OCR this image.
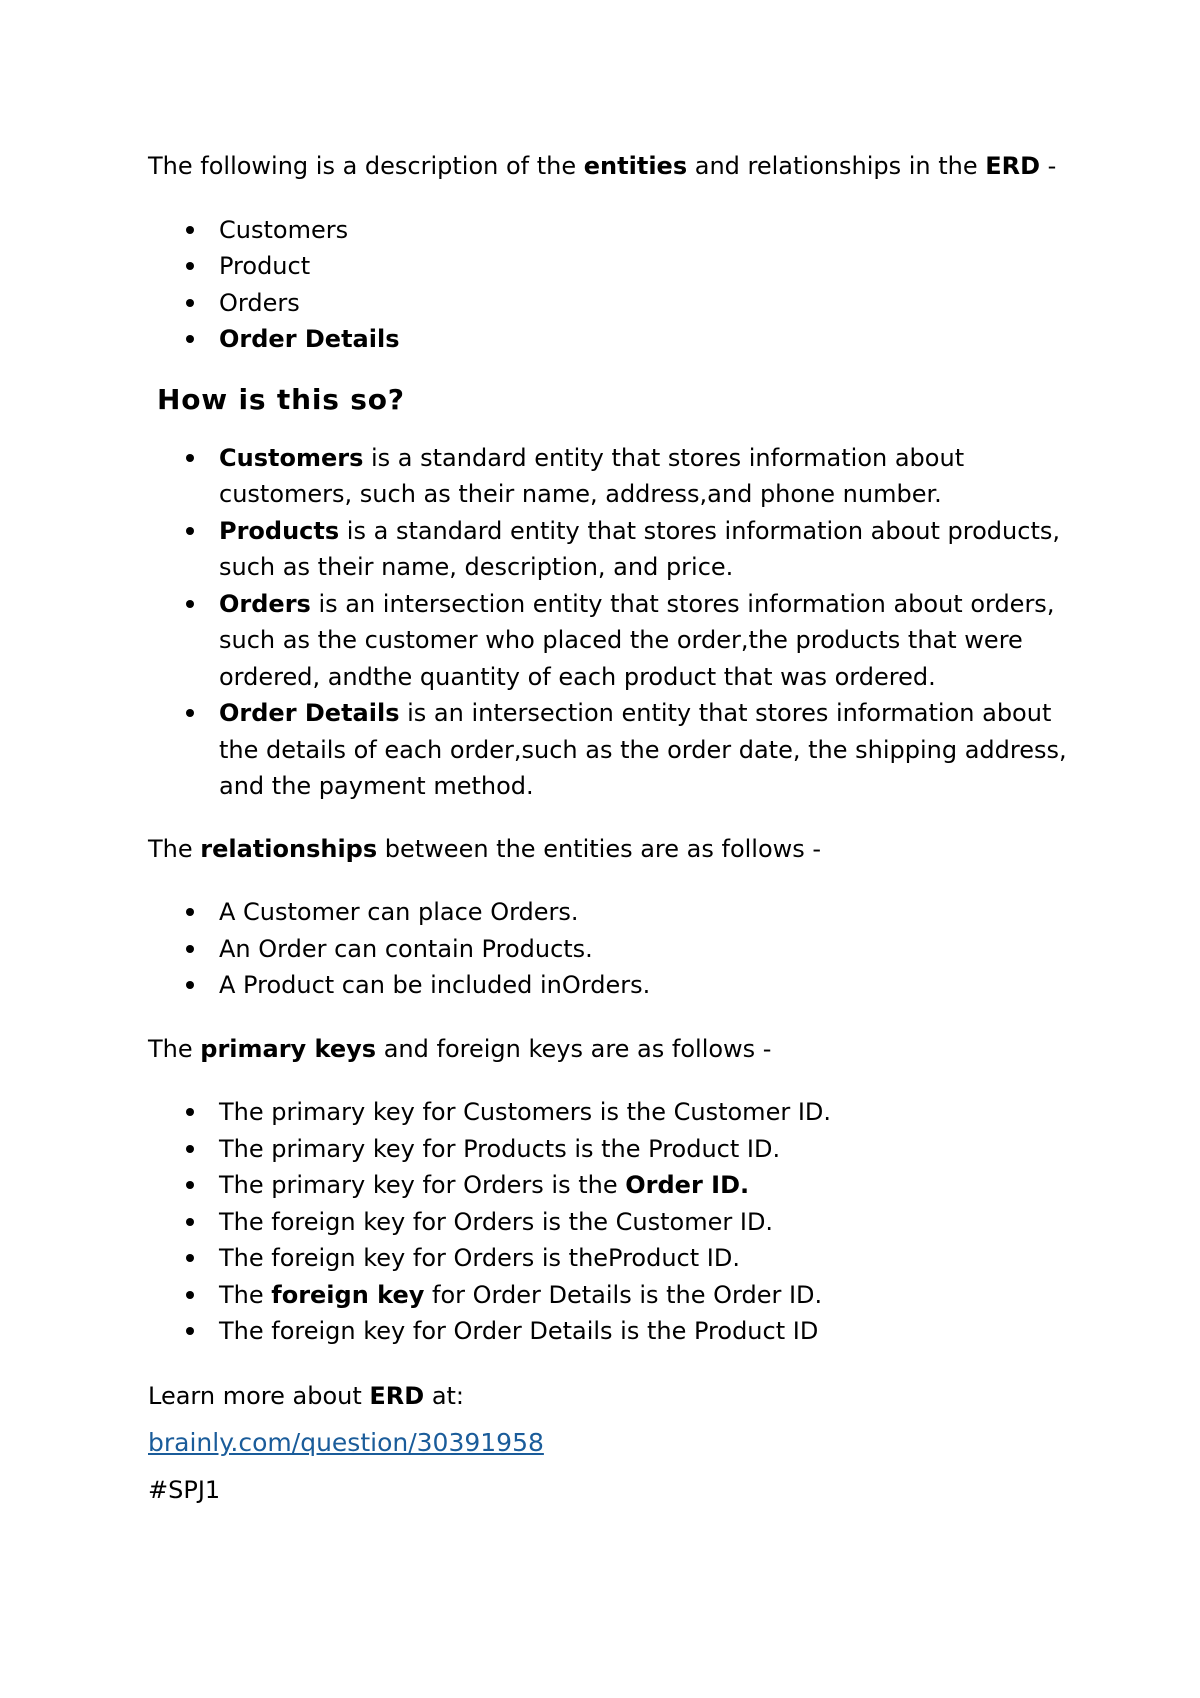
The following is a description of the entities and relationships in the ERD -

Customers
Product
Orders
Order Details

How is this so?

Customers is a standard entity that stores information about customers, such as their name, address,and phone number.
Products is a standard entity that stores information about products, such as their name, description, and price.
Orders is an intersection entity that stores information about orders, such as the customer who placed the order,the products that were ordered, andthe quantity of each product that was ordered.
Order Details is an intersection entity that stores information about the details of each order,such as the order date, the shipping address, and the payment method.

The relationships between the entities are as follows -

A Customer can place Orders.
An Order can contain Products.
A Product can be included inOrders.

The primary keys and foreign keys are as follows -

The primary key for Customers is the Customer ID.
The primary key for Products is the Product ID.
The primary key for Orders is the Order ID.
The foreign key for Orders is the Customer ID.
The foreign key for Orders is theProduct ID.
The foreign key for Order Details is the Order ID.
The foreign key for Order Details is the Product ID

Learn more about ERD at:

brainly.com/question/30391958
#SPJ1
